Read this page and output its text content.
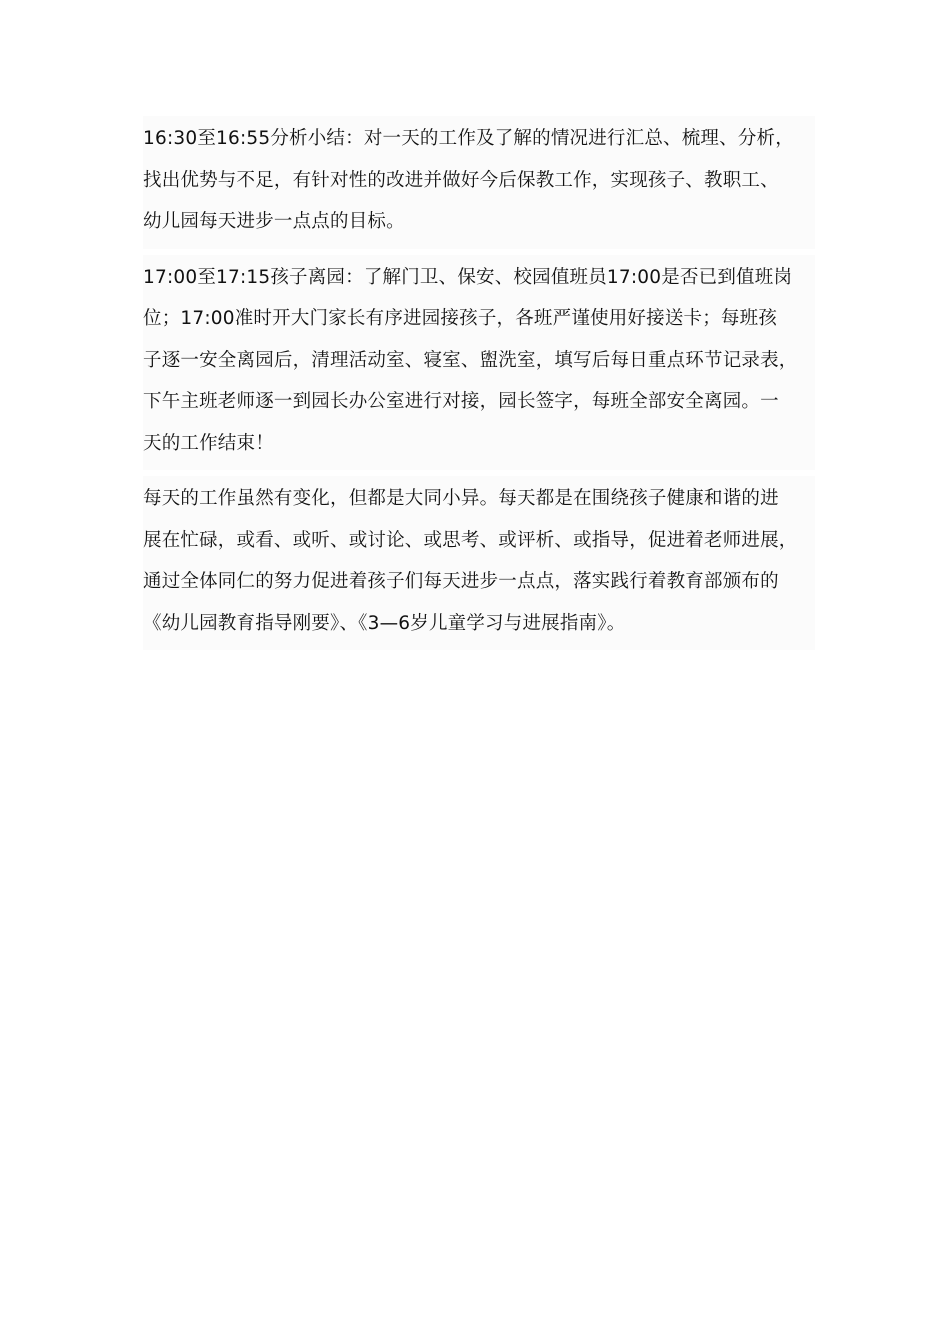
16:30至16:55分析小结：对一天的工作及了解的情况进行汇总、梳理、分析，
找出优势与不足，有针对性的改进并做好今后保教工作，实现孩子、教职工、
幼儿园每天进步一点点的目标。
17:00至17:15孩子离园：了解门卫、保安、校园值班员17:00是否已到值班岗
位；17:00准时开大门家长有序进园接孩子，各班严谨使用好接送卡；每班孩
子逐一安全离园后，清理活动室、寝室、盥洗室，填写后每日重点环节记录表，
下午主班老师逐一到园长办公室进行对接，园长签字，每班全部安全离园。一
天的工作结束！
每天的工作虽然有变化，但都是大同小异。每天都是在围绕孩子健康和谐的进
展在忙碌，或看、或听、或讨论、或思考、或评析、或指导，促进着老师进展，
通过全体同仁的努力促进着孩子们每天进步一点点，落实践行着教育部颁布的
《幼儿园教育指导刚要》、《3—6岁儿童学习与进展指南》。
